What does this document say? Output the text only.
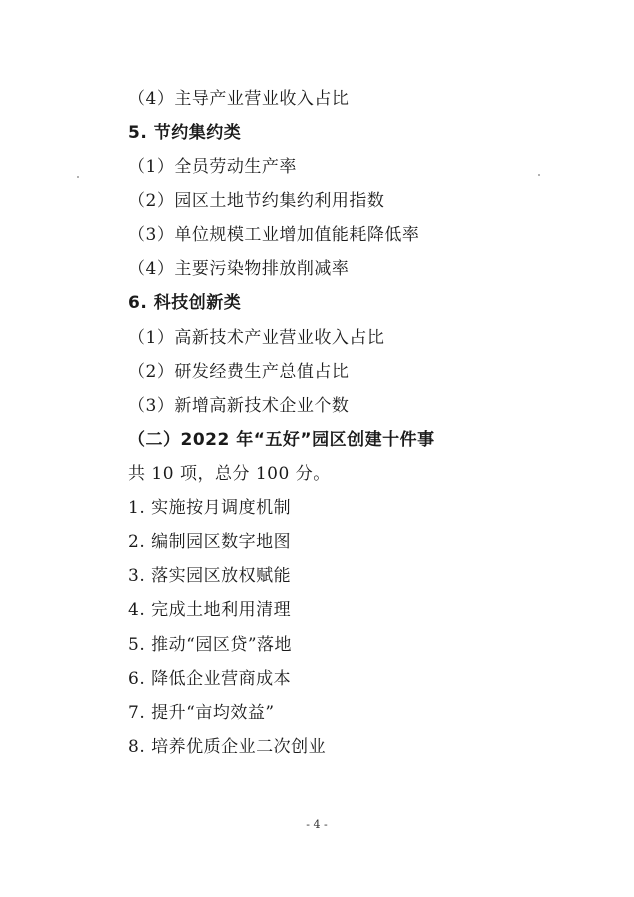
（4）主导产业营业收入占比
5. 节约集约类
（1）全员劳动生产率
（2）园区土地节约集约利用指数
（3）单位规模工业增加值能耗降低率
（4）主要污染物排放削减率
6. 科技创新类
（1）高新技术产业营业收入占比
（2）研发经费生产总值占比
（3）新增高新技术企业个数
（二）2022 年“五好”园区创建十件事
共 10 项，总分 100 分。
1. 实施按月调度机制
2. 编制园区数字地图
3. 落实园区放权赋能
4. 完成土地利用清理
5. 推动“园区贷”落地
6. 降低企业营商成本
7. 提升“亩均效益”
8. 培养优质企业二次创业
- 4 -
